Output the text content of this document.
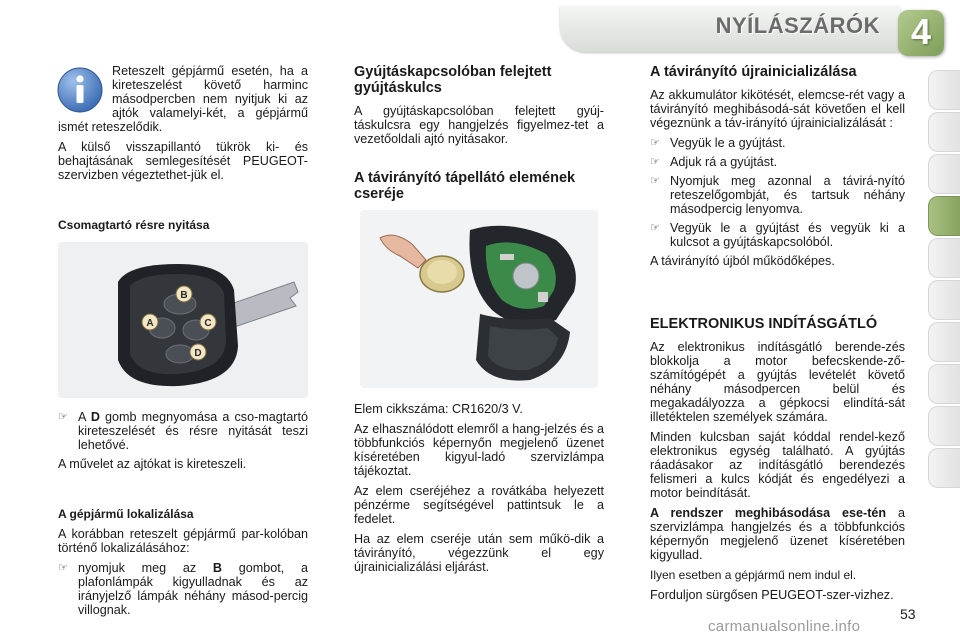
NYÍLÁSZÁRÓK 4

Reteszelt gépjármű esetén, ha a kireteszelést követő harminc másodpercben nem nyitjuk ki az ajtók valamelyi-két, a gépjármű ismét reteszelődik.

A külső visszapillantó tükrök ki- és behajtásának semlegesítését PEUGEOT-szervizben végeztethet-jük el.

Csomagtartó résre nyitása
B
A	C
D
☞ A D gomb megnyomása a cso-magtartó kireteszelését és résre nyitását teszi lehetővé.

A művelet az ajtókat is kireteszeli.

A gépjármű lokalizálása

A korábban reteszelt gépjármű par-kolóban történő lokalizálásához:

☞ nyomjuk meg az B gombot, a plafonlámpák kigyulladnak és az irányjelző lámpák néhány másod-percig villognak.
Gyújtáskapcsolóban felejtett gyújtáskulcs

A gyújtáskapcsolóban felejtett gyúj-táskulcsra egy hangjelzés figyelmez-tet a vezetőoldali ajtó nyitásakor.

A távirányító tápellátó elemének cseréje

Elem cikkszáma: CR1620/3 V.

Az elhasználódott elemről a hang-jelzés és a többfunkciós képernyőn megjelenő üzenet kíséretében kigyul-ladó szervizlámpa tájékoztat.

Az elem cseréjéhez a rovátkába helyezett pénzérme segítségével pattintsuk le a fedelet.

Ha az elem cseréje után sem műkö-dik a távirányító, végezzünk el egy újrainicializálási eljárást.

A távirányító újrainicializálása

Az akkumulátor kikötését, elemcse-rét vagy a távirányító meghibásodá-sát követően el kell végeznünk a táv-irányító újrainicializálását :

☞ Vegyük le a gyújtást.
☞ Adjuk rá a gyújtást.
☞ Nyomjuk meg azonnal a távirá-nyító reteszelőgombját, és tartsuk néhány másodpercig lenyomva.
☞ Vegyük le a gyújtást és vegyük ki a kulcsot a gyújtáskapcsolóból.

A távirányító újból működőképes.

ELEKTRONIKUS INDÍTÁSGÁTLÓ

Az elektronikus indításgátló berende-zés blokkolja a motor befecskende-ző-számítógépét a gyújtás levételét követő néhány másodpercen belül és megakadályozza a gépkocsi elindítá-sát illetéktelen személyek számára.

Minden kulcsban saját kóddal rendel-kező elektronikus egység található. A gyújtás ráadásakor az indításgátló berendezés felismeri a kulcs kódját és engedélyezi a motor beindítását.

A rendszer meghibásodása ese-tén a szervizlámpa hangjelzés és a többfunkciós képernyőn megjelenő üzenet kíséretében kigyullad.

Ilyen esetben a gépjármű nem indul el.

Forduljon sürgősen PEUGEOT-szer-vizhez.

53
carmanualsonline.info
